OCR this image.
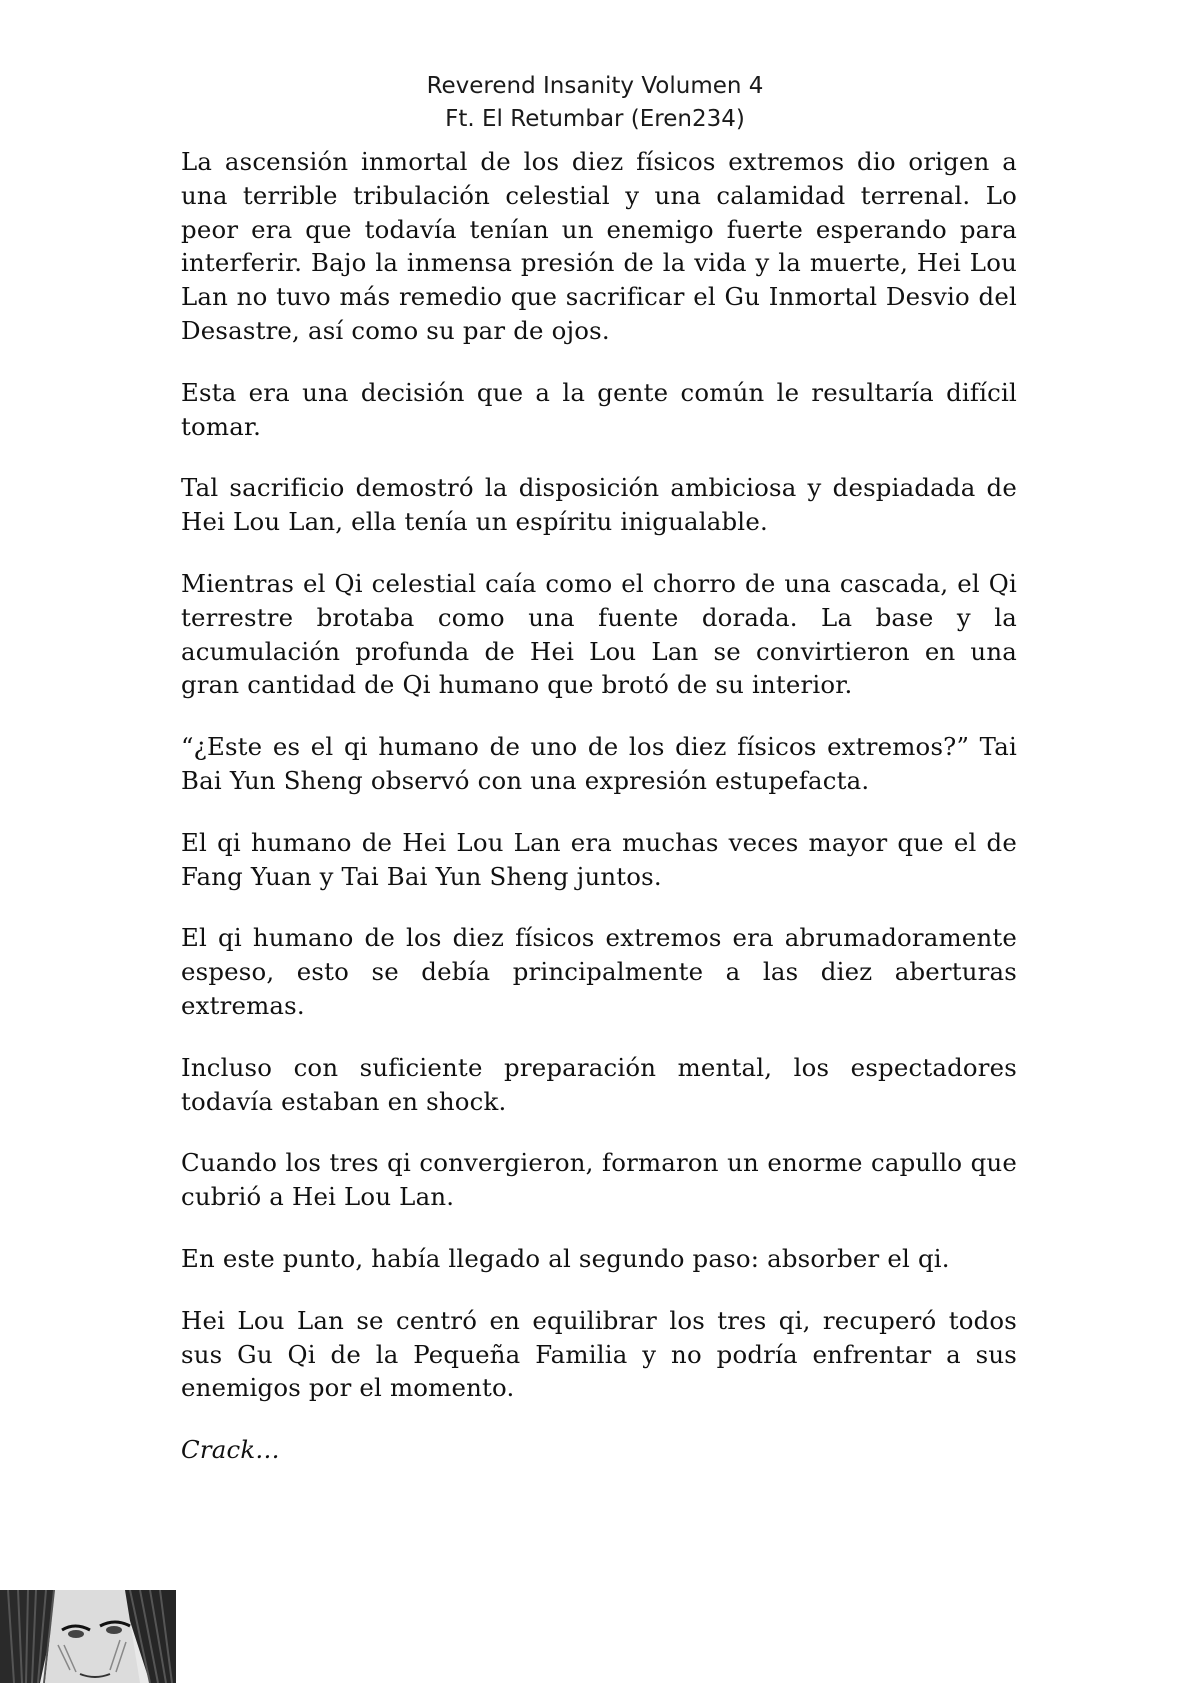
Reverend Insanity Volumen 4
Ft. El Retumbar (Eren234)

La ascensión inmortal de los diez físicos extremos dio origen a una terrible tribulación celestial y una calamidad terrenal. Lo peor era que todavía tenían un enemigo fuerte esperando para interferir. Bajo la inmensa presión de la vida y la muerte, Hei Lou Lan no tuvo más remedio que sacrificar el Gu Inmortal Desvio del Desastre, así como su par de ojos.

Esta era una decisión que a la gente común le resultaría difícil tomar.

Tal sacrificio demostró la disposición ambiciosa y despiadada de Hei Lou Lan, ella tenía un espíritu inigualable.

Mientras el Qi celestial caía como el chorro de una cascada, el Qi terrestre brotaba como una fuente dorada. La base y la acumulación profunda de Hei Lou Lan se convirtieron en una gran cantidad de Qi humano que brotó de su interior.

“¿Este es el qi humano de uno de los diez físicos extremos?” Tai Bai Yun Sheng observó con una expresión estupefacta.

El qi humano de Hei Lou Lan era muchas veces mayor que el de Fang Yuan y Tai Bai Yun Sheng juntos.

El qi humano de los diez físicos extremos era abrumadoramente espeso, esto se debía principalmente a las diez aberturas extremas.

Incluso con suficiente preparación mental, los espectadores todavía estaban en shock.

Cuando los tres qi convergieron, formaron un enorme capullo que cubrió a Hei Lou Lan.

En este punto, había llegado al segundo paso: absorber el qi.

Hei Lou Lan se centró en equilibrar los tres qi, recuperó todos sus Gu Qi de la Pequeña Familia y no podría enfrentar a sus enemigos por el momento.

Crack…
